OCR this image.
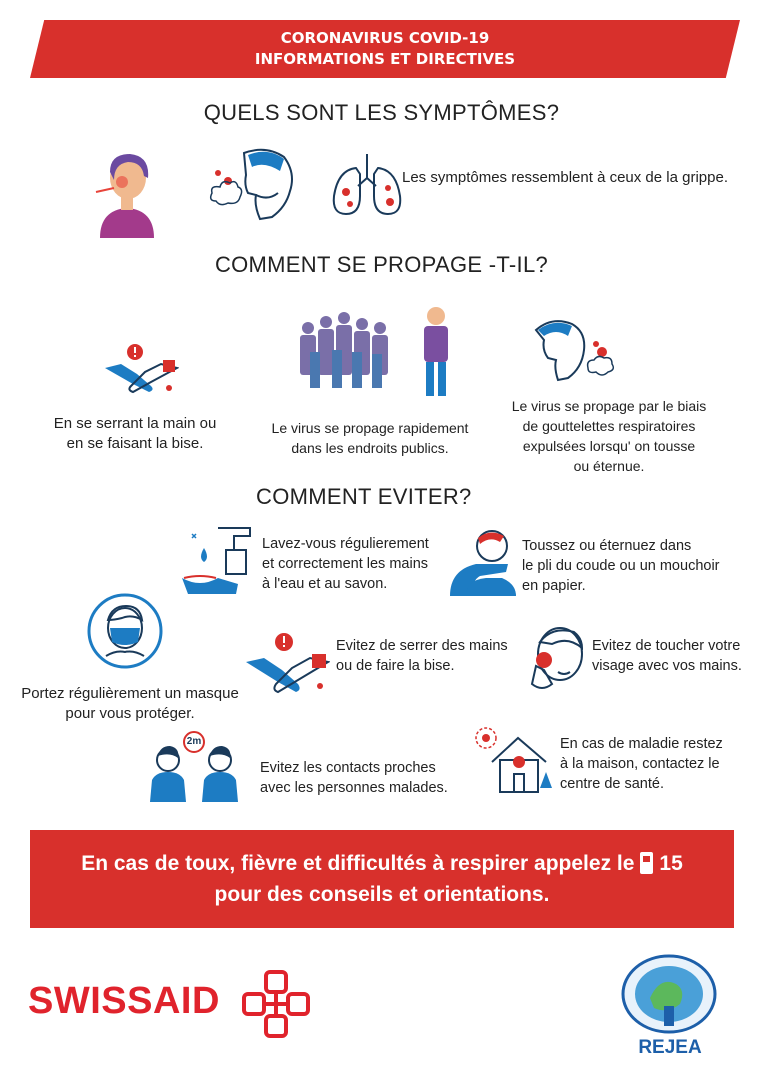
CORONAVIRUS COVID-19
INFORMATIONS ET DIRECTIVES
QUELS SONT LES SYMPTÔMES?
Les symptômes ressemblent à ceux de la grippe.
COMMENT SE PROPAGE -T-IL?
En se serrant la main ou
en se faisant la bise.
Le virus se propage rapidement
dans les endroits publics.
Le virus se propage par le biais
de gouttelettes respiratoires
expulsées lorsqu' on tousse
ou éternue.
COMMENT EVITER?
Lavez-vous régulierement
et correctement les mains
à l'eau et au savon.
Toussez ou éternuez dans
le pli du coude ou un mouchoir
en papier.
Portez régulièrement un masque
pour vous protéger.
Evitez de serrer des mains
ou de faire la bise.
Evitez de toucher votre
visage avec vos mains.
2m
Evitez les contacts proches
avec les personnes malades.
En cas de maladie restez
à la maison, contactez le
centre de santé.
En cas de toux, fièvre et difficultés à respirer appelez le 15
pour des conseils et orientations.
SWISSAID
REJEA
